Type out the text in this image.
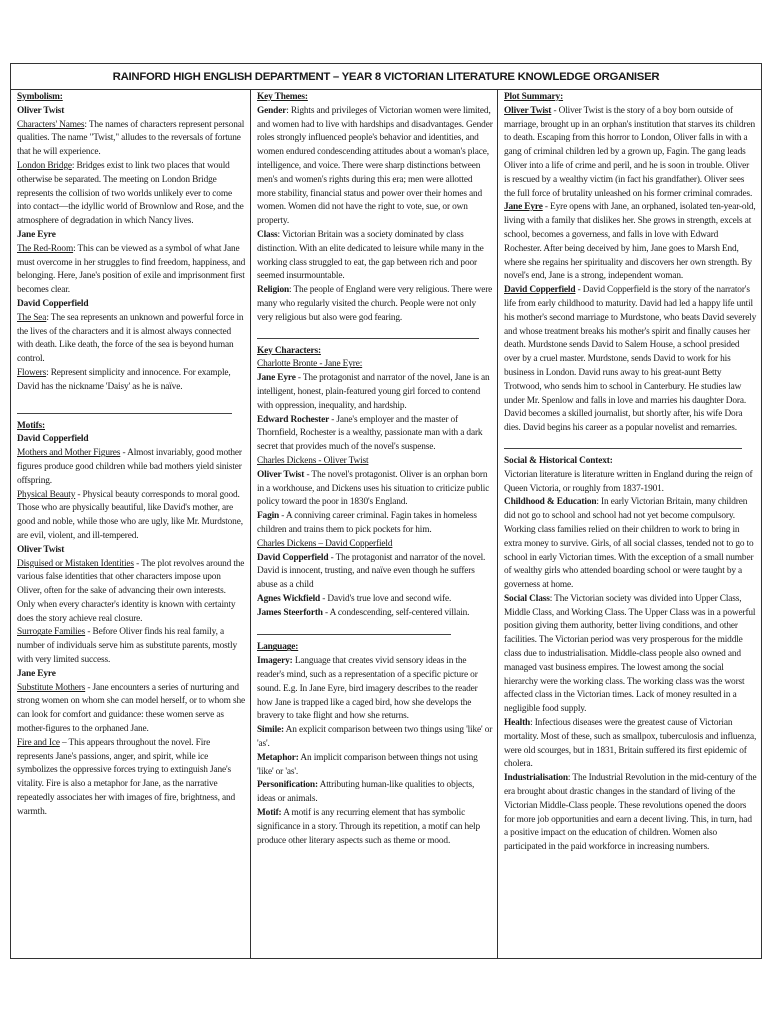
RAINFORD HIGH ENGLISH DEPARTMENT – YEAR 8 VICTORIAN LITERATURE KNOWLEDGE ORGANISER
Symbolism:
Oliver Twist
Characters' Names: The names of characters represent personal qualities. The name "Twist," alludes to the reversals of fortune that he will experience.
London Bridge: Bridges exist to link two places that would otherwise be separated. The meeting on London Bridge represents the collision of two worlds unlikely ever to come into contact—the idyllic world of Brownlow and Rose, and the atmosphere of degradation in which Nancy lives.
Jane Eyre
The Red-Room: This can be viewed as a symbol of what Jane must overcome in her struggles to find freedom, happiness, and belonging. Here, Jane's position of exile and imprisonment first becomes clear.
David Copperfield
The Sea: The sea represents an unknown and powerful force in the lives of the characters and it is almost always connected with death. Like death, the force of the sea is beyond human control.
Flowers: Represent simplicity and innocence. For example, David has the nickname 'Daisy' as he is naïve.
Motifs:
David Copperfield
Mothers and Mother Figures - Almost invariably, good mother figures produce good children while bad mothers yield sinister offspring.
Physical Beauty - Physical beauty corresponds to moral good. Those who are physically beautiful, like David's mother, are good and noble, while those who are ugly, like Mr. Murdstone, are evil, violent, and ill-tempered.
Oliver Twist
Disguised or Mistaken Identities - The plot revolves around the various false identities that other characters impose upon Oliver, often for the sake of advancing their own interests. Only when every character's identity is known with certainty does the story achieve real closure.
Surrogate Families - Before Oliver finds his real family, a number of individuals serve him as substitute parents, mostly with very limited success.
Jane Eyre
Substitute Mothers - Jane encounters a series of nurturing and strong women on whom she can model herself, or to whom she can look for comfort and guidance: these women serve as mother-figures to the orphaned Jane.
Fire and Ice – This appears throughout the novel. Fire represents Jane's passions, anger, and spirit, while ice symbolizes the oppressive forces trying to extinguish Jane's vitality. Fire is also a metaphor for Jane, as the narrative repeatedly associates her with images of fire, brightness, and warmth.
Key Themes:
Gender: Rights and privileges of Victorian women were limited, and women had to live with hardships and disadvantages. Gender roles strongly influenced people's behavior and identities, and women endured condescending attitudes about a woman's place, intelligence, and voice. There were sharp distinctions between men's and women's rights during this era; men were allotted more stability, financial status and power over their homes and women. Women did not have the right to vote, sue, or own property.
Class: Victorian Britain was a society dominated by class distinction. With an elite dedicated to leisure while many in the working class struggled to eat, the gap between rich and poor seemed insurmountable.
Religion: The people of England were very religious. There were many who regularly visited the church. People were not only very religious but also were god fearing.
Key Characters:
Charlotte Bronte - Jane Eyre:
Jane Eyre - The protagonist and narrator of the novel, Jane is an intelligent, honest, plain-featured young girl forced to contend with oppression, inequality, and hardship.
Edward Rochester - Jane's employer and the master of Thornfield, Rochester is a wealthy, passionate man with a dark secret that provides much of the novel's suspense.
Charles Dickens - Oliver Twist
Oliver Twist - The novel's protagonist. Oliver is an orphan born in a workhouse, and Dickens uses his situation to criticize public policy toward the poor in 1830's England.
Fagin - A conniving career criminal. Fagin takes in homeless children and trains them to pick pockets for him.
Charles Dickens – David Copperfield
David Copperfield - The protagonist and narrator of the novel. David is innocent, trusting, and naïve even though he suffers abuse as a child
Agnes Wickfield - David's true love and second wife.
James Steerforth - A condescending, self-centered villain.
Language:
Imagery: Language that creates vivid sensory ideas in the reader's mind, such as a representation of a specific picture or sound. E.g. In Jane Eyre, bird imagery describes to the reader how Jane is trapped like a caged bird, how she develops the bravery to take flight and how she returns.
Simile: An explicit comparison between two things using 'like' or 'as'.
Metaphor: An implicit comparison between things not using 'like' or 'as'.
Personification: Attributing human-like qualities to objects, ideas or animals.
Motif: A motif is any recurring element that has symbolic significance in a story. Through its repetition, a motif can help produce other literary aspects such as theme or mood.
Plot Summary:
Oliver Twist - Oliver Twist is the story of a boy born outside of marriage, brought up in an orphan's institution that starves its children to death. Escaping from this horror to London, Oliver falls in with a gang of criminal children led by a grown up, Fagin. The gang leads Oliver into a life of crime and peril, and he is soon in trouble. Oliver is rescued by a wealthy victim (in fact his grandfather). Oliver sees the full force of brutality unleashed on his former criminal comrades.
Jane Eyre - Eyre opens with Jane, an orphaned, isolated ten-year-old, living with a family that dislikes her. She grows in strength, excels at school, becomes a governess, and falls in love with Edward Rochester. After being deceived by him, Jane goes to Marsh End, where she regains her spirituality and discovers her own strength. By novel's end, Jane is a strong, independent woman.
David Copperfield - David Copperfield is the story of the narrator's life from early childhood to maturity. David had led a happy life until his mother's second marriage to Murdstone, who beats David severely and whose treatment breaks his mother's spirit and finally causes her death. Murdstone sends David to Salem House, a school presided over by a cruel master. Murdstone, sends David to work for his business in London. David runs away to his great-aunt Betty Trotwood, who sends him to school in Canterbury. He studies law under Mr. Spenlow and falls in love and marries his daughter Dora. David becomes a skilled journalist, but shortly after, his wife Dora dies. David begins his career as a popular novelist and remarries.
Social & Historical Context:
Victorian literature is literature written in England during the reign of Queen Victoria, or roughly from 1837-1901.
Childhood & Education: In early Victorian Britain, many children did not go to school and school had not yet become compulsory. Working class families relied on their children to work to bring in extra money to survive. Girls, of all social classes, tended not to go to school in early Victorian times. With the exception of a small number of wealthy girls who attended boarding school or were taught by a governess at home.
Social Class: The Victorian society was divided into Upper Class, Middle Class, and Working Class. The Upper Class was in a powerful position giving them authority, better living conditions, and other facilities. The Victorian period was very prosperous for the middle class due to industrialisation. Middle-class people also owned and managed vast business empires. The lowest among the social hierarchy were the working class. The working class was the worst affected class in the Victorian times. Lack of money resulted in a negligible food supply.
Health: Infectious diseases were the greatest cause of Victorian mortality. Most of these, such as smallpox, tuberculosis and influenza, were old scourges, but in 1831, Britain suffered its first epidemic of cholera.
Industrialisation: The Industrial Revolution in the mid-century of the era brought about drastic changes in the standard of living of the Victorian Middle-Class people. These revolutions opened the doors for more job opportunities and earn a decent living. This, in turn, had a positive impact on the education of children. Women also participated in the paid workforce in increasing numbers.
